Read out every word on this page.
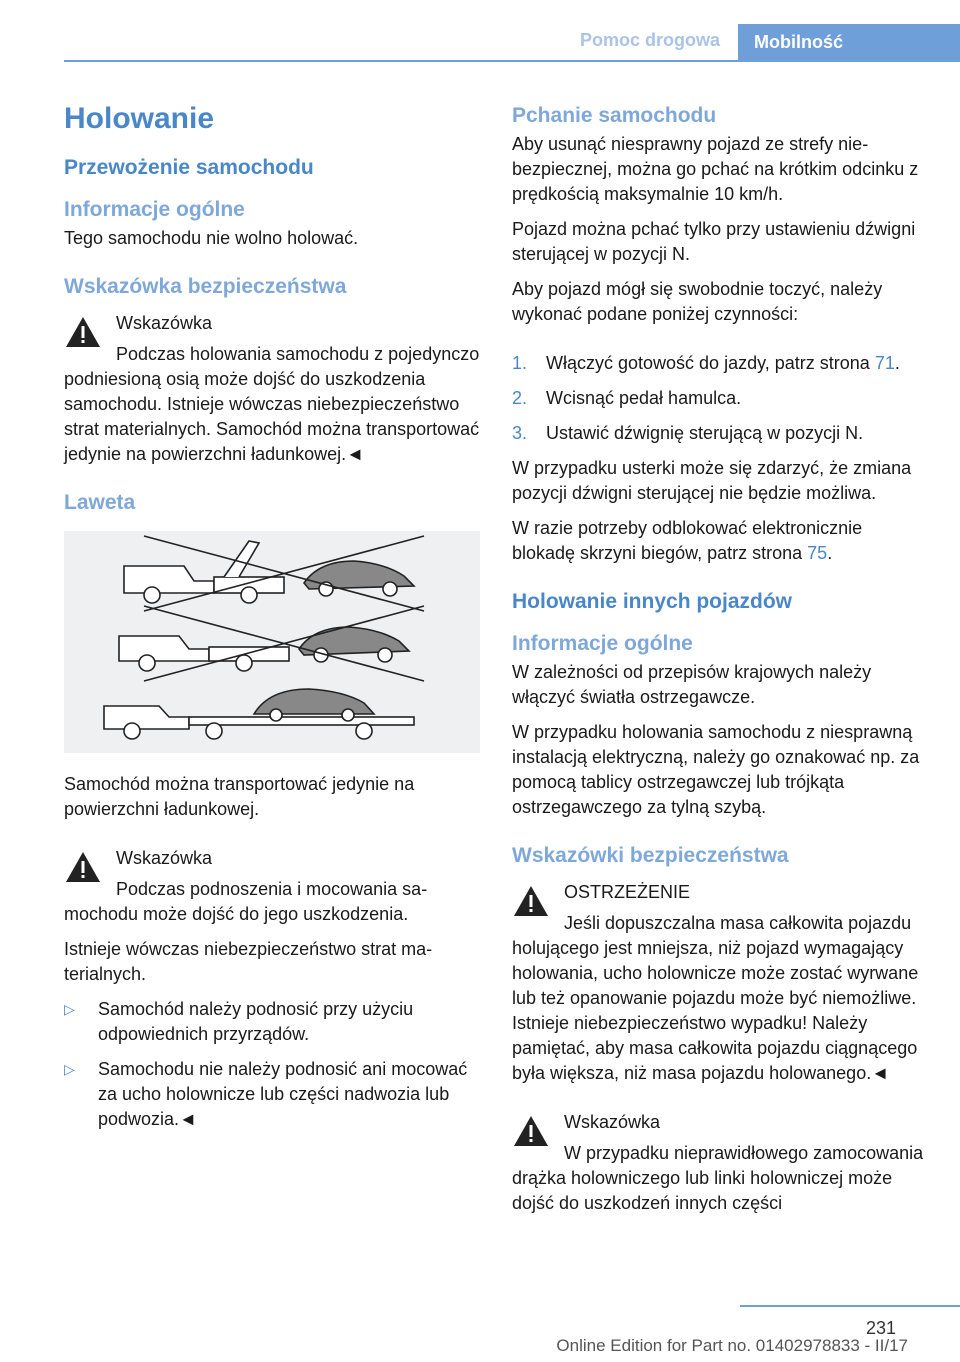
Pomoc drogowa	Mobilność
Holowanie
Przewożenie samochodu
Informacje ogólne

Tego samochodu nie wolno holować.

Wskazówka bezpieczeństwa

Wskazówka

Podczas holowania samochodu z pojedynczo podniesioną osią może dojść do uszkodzenia samochodu. Istnieje wówczas niebezpieczeństwo strat materialnych. Samochód można transportować jedynie na powierzchni ładunkowej.◄

Laweta

Samochód można transportować jedynie na powierzchni ładunkowej.

Wskazówka

Podczas podnoszenia i mocowania samochodu może dojść do jego uszkodzenia.

Istnieje wówczas niebezpieczeństwo strat materialnych.

▷	Samochód należy podnosić przy użyciu odpowiednich przyrządów.
▷	Samochodu nie należy podnosić ani mocować za ucho holownicze lub części nadwozia lub podwozia.◄
Pchanie samochodu

Aby usunąć niesprawny pojazd ze strefy niebezpiecznej, można go pchać na krótkim odcinku z prędkością maksymalnie 10 km/h.

Pojazd można pchać tylko przy ustawieniu dźwigni sterującej w pozycji N.

Aby pojazd mógł się swobodnie toczyć, należy wykonać podane poniżej czynności:

1.	Włączyć gotowość do jazdy, patrz strona 71.
2.	Wcisnąć pedał hamulca.
3.	Ustawić dźwignię sterującą w pozycji N.

W przypadku usterki może się zdarzyć, że zmiana pozycji dźwigni sterującej nie będzie możliwa.

W razie potrzeby odblokować elektronicznie blokadę skrzyni biegów, patrz strona 75.

Holowanie innych pojazdów
Informacje ogólne

W zależności od przepisów krajowych należy włączyć światła ostrzegawcze.

W przypadku holowania samochodu z niesprawną instalacją elektryczną, należy go oznakować np. za pomocą tablicy ostrzegawczej lub trójkąta ostrzegawczego za tylną szybą.

Wskazówki bezpieczeństwa

OSTRZEŻENIE

Jeśli dopuszczalna masa całkowita pojazdu holującego jest mniejsza, niż pojazd wymagający holowania, ucho holownicze może zostać wyrwane lub też opanowanie pojazdu może być niemożliwe. Istnieje niebezpieczeństwo wypadku! Należy pamiętać, aby masa całkowita pojazdu ciągnącego była większa, niż masa pojazdu holowanego.◄

Wskazówka

W przypadku nieprawidłowego zamocowania drążka holowniczego lub linki holowniczej może dojść do uszkodzeń innych części

231
Online Edition for Part no. 01402978833 - II/17
